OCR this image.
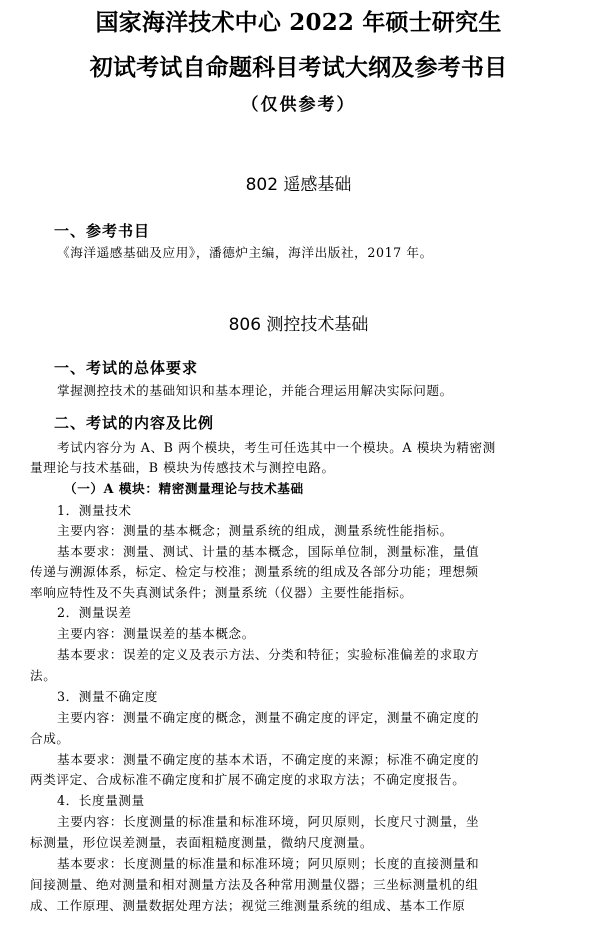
国家海洋技术中心 2022 年硕士研究生
初试考试自命题科目考试大纲及参考书目
（仅供参考）
802 遥感基础
一、参考书目
《海洋遥感基础及应用》，潘德炉主编，海洋出版社，2017 年。
806 测控技术基础
一、考试的总体要求
掌握测控技术的基础知识和基本理论，并能合理运用解决实际问题。
二、考试的内容及比例
考试内容分为 A、B 两个模块，考生可任选其中一个模块。A 模块为精密测
量理论与技术基础，B 模块为传感技术与测控电路。
（一）A 模块：精密测量理论与技术基础
1．测量技术
主要内容：测量的基本概念；测量系统的组成，测量系统性能指标。
基本要求：测量、测试、计量的基本概念，国际单位制，测量标准，量值
传递与溯源体系，标定、检定与校准；测量系统的组成及各部分功能；理想频
率响应特性及不失真测试条件；测量系统（仪器）主要性能指标。
2．测量误差
主要内容：测量误差的基本概念。
基本要求：误差的定义及表示方法、分类和特征；实验标准偏差的求取方
法。
3．测量不确定度
主要内容：测量不确定度的概念，测量不确定度的评定，测量不确定度的
合成。
基本要求：测量不确定度的基本术语，不确定度的来源；标准不确定度的
两类评定、合成标准不确定度和扩展不确定度的求取方法；不确定度报告。
4．长度量测量
主要内容：长度测量的标准量和标准环境，阿贝原则，长度尺寸测量，坐
标测量，形位误差测量，表面粗糙度测量，微纳尺度测量。
基本要求：长度测量的标准量和标准环境；阿贝原则；长度的直接测量和
间接测量、绝对测量和相对测量方法及各种常用测量仪器；三坐标测量机的组
成、工作原理、测量数据处理方法；视觉三维测量系统的组成、基本工作原
